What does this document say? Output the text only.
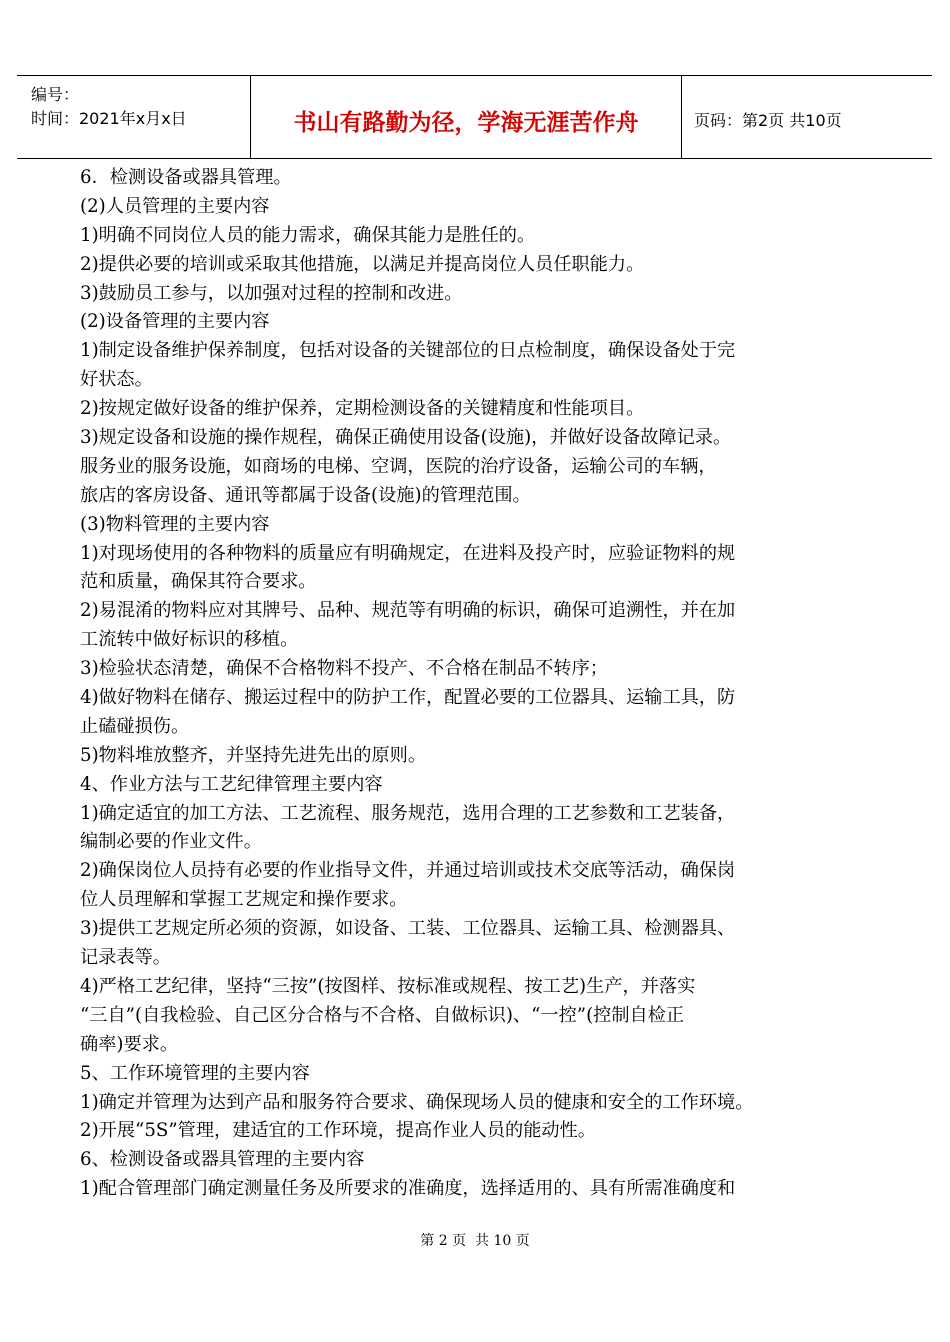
编号：
时间：2021年x月x日	书山有路勤为径，学海无涯苦作舟	页码：第2页 共10页
6．检测设备或器具管理。
(2)人员管理的主要内容
1)明确不同岗位人员的能力需求，确保其能力是胜任的。
2)提供必要的培训或采取其他措施，以满足并提高岗位人员任职能力。
3)鼓励员工参与，以加强对过程的控制和改进。
(2)设备管理的主要内容
1)制定设备维护保养制度，包括对设备的关键部位的日点检制度，确保设备处于完
好状态。
2)按规定做好设备的维护保养，定期检测设备的关键精度和性能项目。
3)规定设备和设施的操作规程，确保正确使用设备(设施)，并做好设备故障记录。
服务业的服务设施，如商场的电梯、空调，医院的治疗设备，运输公司的车辆，
旅店的客房设备、通讯等都属于设备(设施)的管理范围。
(3)物料管理的主要内容
1)对现场使用的各种物料的质量应有明确规定，在进料及投产时，应验证物料的规
范和质量，确保其符合要求。
2)易混淆的物料应对其牌号、品种、规范等有明确的标识，确保可追溯性，并在加
工流转中做好标识的移植。
3)检验状态清楚，确保不合格物料不投产、不合格在制品不转序；
4)做好物料在储存、搬运过程中的防护工作，配置必要的工位器具、运输工具，防
止磕碰损伤。
5)物料堆放整齐，并坚持先进先出的原则。
4、作业方法与工艺纪律管理主要内容
1)确定适宜的加工方法、工艺流程、服务规范，选用合理的工艺参数和工艺装备，
编制必要的作业文件。
2)确保岗位人员持有必要的作业指导文件，并通过培训或技术交底等活动，确保岗
位人员理解和掌握工艺规定和操作要求。
3)提供工艺规定所必须的资源，如设备、工装、工位器具、运输工具、检测器具、
记录表等。
4)严格工艺纪律，坚持“三按”(按图样、按标准或规程、按工艺)生产，并落实
“三自”(自我检验、自己区分合格与不合格、自做标识)、“一控”(控制自检正
确率)要求。
5、工作环境管理的主要内容
1)确定并管理为达到产品和服务符合要求、确保现场人员的健康和安全的工作环境。
2)开展“5S”管理，建适宜的工作环境，提高作业人员的能动性。
6、检测设备或器具管理的主要内容
1)配合管理部门确定测量任务及所要求的准确度，选择适用的、具有所需准确度和
第 2 页  共 10 页
